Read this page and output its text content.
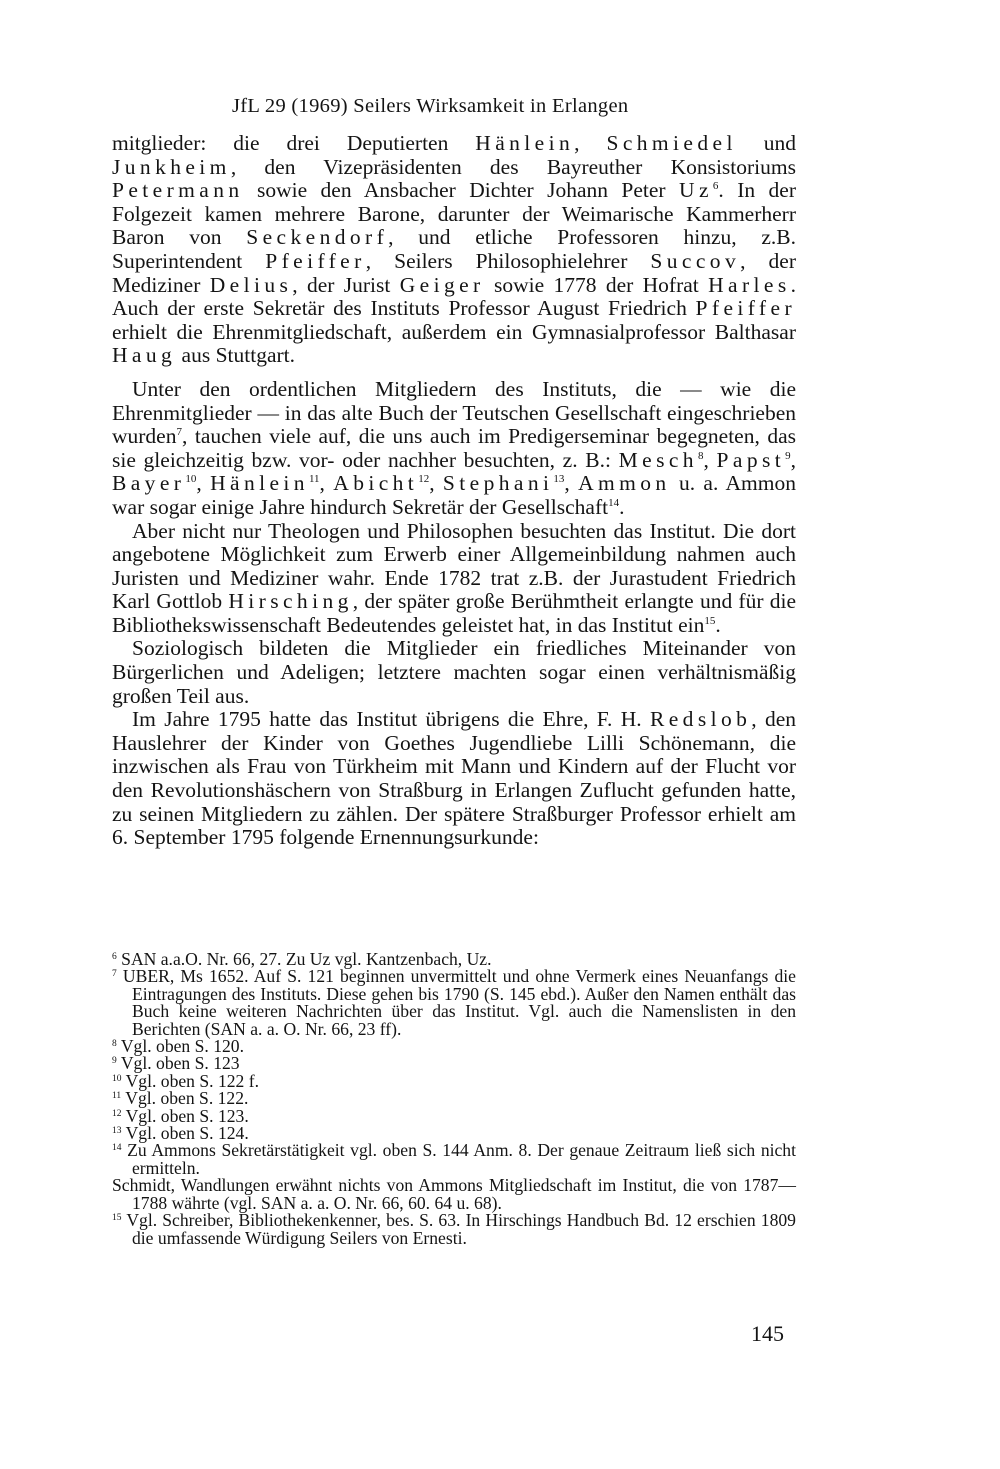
JfL 29 (1969) Seilers Wirksamkeit in Erlangen

mitglieder: die drei Deputierten Hänlein, Schmiedel und Junkheim, den Vizepräsidenten des Bayreuther Konsistoriums Petermann sowie den Ansbacher Dichter Johann Peter Uz$^6$. In der Folgezeit kamen mehrere Barone, darunter der Weimarische Kammerherr Baron von Seckendorf, und etliche Professoren hinzu, z.B. Superintendent Pfeiffer, Seilers Philosophielehrer Succov, der Mediziner Delius, der Jurist Geiger sowie 1778 der Hofrat Harles. Auch der erste Sekretär des Instituts Professor August Friedrich Pfeiffer erhielt die Ehrenmitgliedschaft, außerdem ein Gymnasialprofessor Balthasar Haug aus Stuttgart.

Unter den ordentlichen Mitgliedern des Instituts, die — wie die Ehrenmitglieder — in das alte Buch der Teutschen Gesellschaft eingeschrieben wurden$^7$, tauchen viele auf, die uns auch im Predigerseminar begegneten, das sie gleichzeitig bzw. vor- oder nachher besuchten, z. B.: Mesch$^8$, Papst$^9$, Bayer$^{10}$, Hänlein$^{11}$, Abicht$^{12}$, Stephani$^{13}$, Ammon u. a. Ammon war sogar einige Jahre hindurch Sekretär der Gesellschaft$^{14}$.

Aber nicht nur Theologen und Philosophen besuchten das Institut. Die dort angebotene Möglichkeit zum Erwerb einer Allgemeinbildung nahmen auch Juristen und Mediziner wahr. Ende 1782 trat z.B. der Jurastudent Friedrich Karl Gottlob Hirsching, der später große Berühmtheit erlangte und für die Bibliothekswissenschaft Bedeutendes geleistet hat, in das Institut ein$^{15}$.

Soziologisch bildeten die Mitglieder ein friedliches Miteinander von Bürgerlichen und Adeligen; letztere machten sogar einen verhältnismäßig großen Teil aus.

Im Jahre 1795 hatte das Institut übrigens die Ehre, F. H. Redslob, den Hauslehrer der Kinder von Goethes Jugendliebe Lilli Schönemann, die inzwischen als Frau von Türkheim mit Mann und Kindern auf der Flucht vor den Revolutionshäschern von Straßburg in Erlangen Zuflucht gefunden hatte, zu seinen Mitgliedern zu zählen. Der spätere Straßburger Professor erhielt am 6. September 1795 folgende Ernennungsurkunde:

$^6$ SAN a.a.O. Nr. 66, 27. Zu Uz vgl. Kantzenbach, Uz.

$^7$ UBER, Ms 1652. Auf S. 121 beginnen unvermittelt und ohne Vermerk eines Neuanfangs die Eintragungen des Instituts. Diese gehen bis 1790 (S. 145 ebd.). Außer den Namen enthält das Buch keine weiteren Nachrichten über das Institut. Vgl. auch die Namenslisten in den Berichten (SAN a. a. O. Nr. 66, 23 ff).

$^8$ Vgl. oben S. 120.

$^9$ Vgl. oben S. 123

$^{10}$ Vgl. oben S. 122 f.

$^{11}$ Vgl. oben S. 122.

$^{12}$ Vgl. oben S. 123.

$^{13}$ Vgl. oben S. 124.

$^{14}$ Zu Ammons Sekretärstätigkeit vgl. oben S. 144 Anm. 8. Der genaue Zeitraum ließ sich nicht ermitteln.

Schmidt, Wandlungen erwähnt nichts von Ammons Mitgliedschaft im Institut, die von 1787—1788 währte (vgl. SAN a. a. O. Nr. 66, 60. 64 u. 68).

$^{15}$ Vgl. Schreiber, Bibliothekenkenner, bes. S. 63. In Hirschings Handbuch Bd. 12 erschien 1809 die umfassende Würdigung Seilers von Ernesti.

145
